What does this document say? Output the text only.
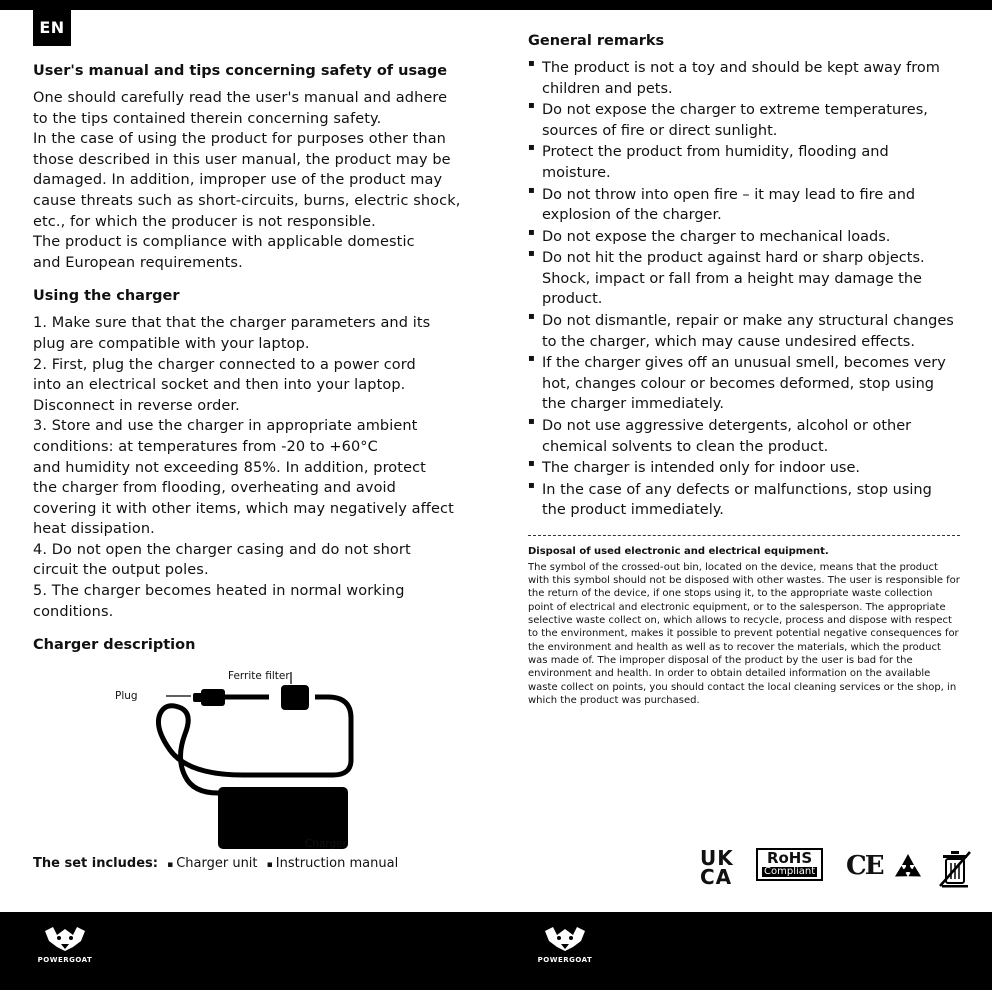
EN
User's manual and tips concerning safety of usage

One should carefully read the user's manual and adhere

to the tips contained therein concerning safety.

In the case of using the product for purposes other than

those described in this user manual, the product may be

damaged. In addition, improper use of the product may

cause threats such as short-circuits, burns, electric shock,

etc., for which the producer is not responsible.

The product is compliance with applicable domestic

and European requirements.

Using the charger

1. Make sure that that the charger parameters and its

plug are compatible with your laptop.

2. First, plug the charger connected to a power cord

into an electrical socket and then into your laptop.

Disconnect in reverse order.

3. Store and use the charger in appropriate ambient

conditions: at temperatures from -20 to +60°C

and humidity not exceeding 85%. In addition, protect

the charger from flooding, overheating and avoid

covering it with other items, which may negatively affect

heat dissipation.

4. Do not open the charger casing and do not short

circuit the output poles.

5. The charger becomes heated in normal working

conditions.

Charger description
Ferrite filter
Plug
Charger
The set includes: ▪ Charger unit ▪ Instruction manual
General remarks
▪ The product is not a toy and should be kept away from children and pets.
▪ Do not expose the charger to extreme temperatures, sources of fire or direct sunlight.
▪ Protect the product from humidity, flooding and moisture.
▪ Do not throw into open fire – it may lead to fire and explosion of the charger.
▪ Do not expose the charger to mechanical loads.
▪ Do not hit the product against hard or sharp objects. Shock, impact or fall from a height may damage the product.
▪ Do not dismantle, repair or make any structural changes to the charger, which may cause undesired effects.
▪ If the charger gives off an unusual smell, becomes very hot, changes colour or becomes deformed, stop using the charger immediately.
▪ Do not use aggressive detergents, alcohol or other chemical solvents to clean the product.
▪ The charger is intended only for indoor use.
▪ In the case of any defects or malfunctions, stop using the product immediately.
Disposal of used electronic and electrical equipment.

The symbol of the crossed-out bin, located on the device, means that the product with this symbol should not be disposed with other wastes. The user is responsible for the return of the device, if one stops using it, to the appropriate waste collection point of electrical and electronic equipment, or to the salesperson. The appropriate selective waste collect on, which allows to recycle, process and dispose with respect to the environment, makes it possible to prevent potential negative consequences for the environment and health as well as to recover the materials, which the product was made of. The improper disposal of the product by the user is bad for the environment and health. In order to obtain detailed information on the available waste collect on points, you should contact the local cleaning services or the shop, in which the product was purchased.

UK
CA
RoHS
Compliant CE
POWERGOAT	POWERGOAT
